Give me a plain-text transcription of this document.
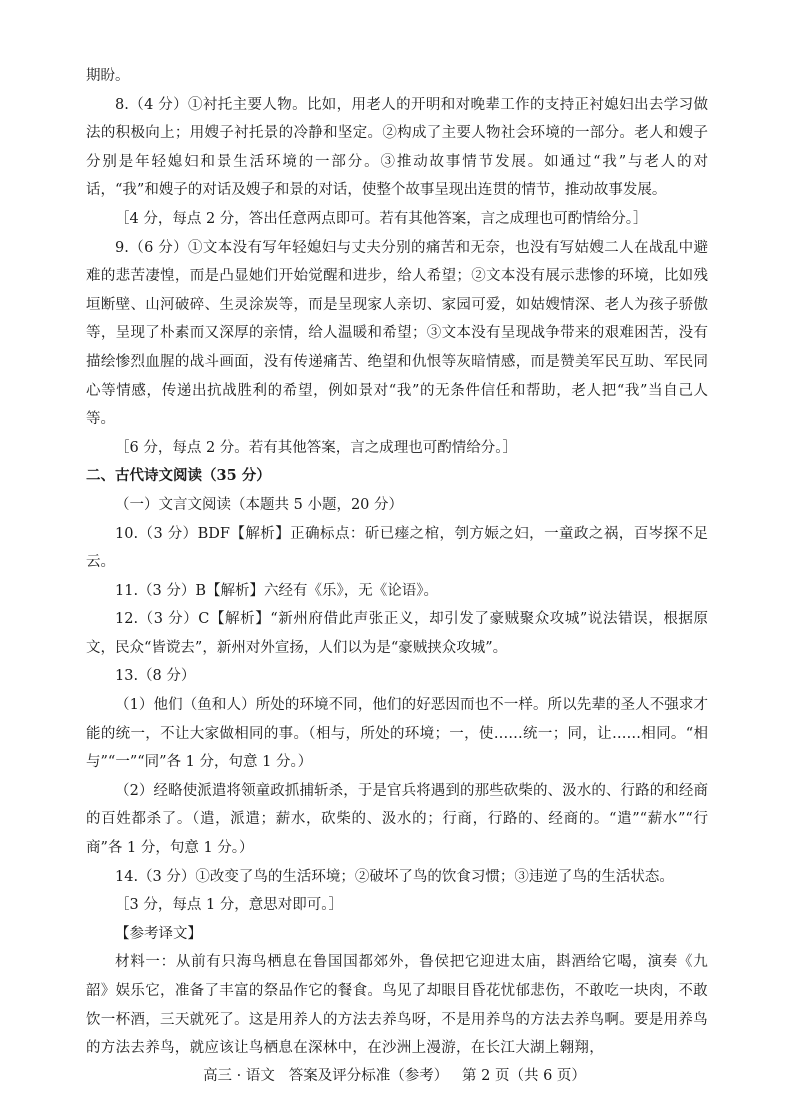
期盼。

8.（4 分）①衬托主要人物。比如，用老人的开明和对晚辈工作的支持正衬媳妇出去学习做法的积极向上；用嫂子衬托景的冷静和坚定。②构成了主要人物社会环境的一部分。老人和嫂子分别是年轻媳妇和景生活环境的一部分。③推动故事情节发展。如通过“我”与老人的对话，“我”和嫂子的对话及嫂子和景的对话，使整个故事呈现出连贯的情节，推动故事发展。

［4 分，每点 2 分，答出任意两点即可。若有其他答案，言之成理也可酌情给分。］

9.（6 分）①文本没有写年轻媳妇与丈夫分别的痛苦和无奈，也没有写姑嫂二人在战乱中避难的悲苦凄惶，而是凸显她们开始觉醒和进步，给人希望；②文本没有展示悲惨的环境，比如残垣断壁、山河破碎、生灵涂炭等，而是呈现家人亲切、家园可爱，如姑嫂情深、老人为孩子骄傲等，呈现了朴素而又深厚的亲情，给人温暖和希望；③文本没有呈现战争带来的艰难困苦，没有描绘惨烈血腥的战斗画面，没有传递痛苦、绝望和仇恨等灰暗情感，而是赞美军民互助、军民同心等情感，传递出抗战胜利的希望，例如景对“我”的无条件信任和帮助，老人把“我”当自己人等。

［6 分，每点 2 分。若有其他答案，言之成理也可酌情给分。］

二、古代诗文阅读（35 分）

（一）文言文阅读（本题共 5 小题，20 分）

10.（3 分）BDF【解析】正确标点：斫已瘗之棺，刳方娠之妇，一童政之祸，百岑探不足云。

11.（3 分）B【解析】六经有《乐》，无《论语》。

12.（3 分）C【解析】“新州府借此声张正义，却引发了豪贼聚众攻城”说法错误，根据原文，民众“皆谠去”，新州对外宣扬，人们以为是“豪贼挟众攻城”。

13.（8 分）

（1）他们（鱼和人）所处的环境不同，他们的好恶因而也不一样。所以先辈的圣人不强求才能的统一，不让大家做相同的事。（相与，所处的环境；一，使……统一；同，让……相同。“相与”“一”“同”各 1 分，句意 1 分。）

（2）经略使派遣将领童政抓捕斩杀，于是官兵将遇到的那些砍柴的、汲水的、行路的和经商的百姓都杀了。（遣，派遣；薪水，砍柴的、汲水的；行商，行路的、经商的。“遣”“薪水”“行商”各 1 分，句意 1 分。）

14.（3 分）①改变了鸟的生活环境；②破坏了鸟的饮食习惯；③违逆了鸟的生活状态。

［3 分，每点 1 分，意思对即可。］

【参考译文】

材料一：从前有只海鸟栖息在鲁国国都郊外，鲁侯把它迎进太庙，斟酒给它喝，演奏《九韶》娱乐它，准备了丰富的祭品作它的餐食。鸟见了却眼目昏花忧郁悲伤，不敢吃一块肉，不敢饮一杯酒，三天就死了。这是用养人的方法去养鸟呀，不是用养鸟的方法去养鸟啊。要是用养鸟的方法去养鸟，就应该让鸟栖息在深林中，在沙洲上漫游，在长江大湖上翱翔，

高三 · 语文   答案及评分标准（参考）   第 2 页（共 6 页）
